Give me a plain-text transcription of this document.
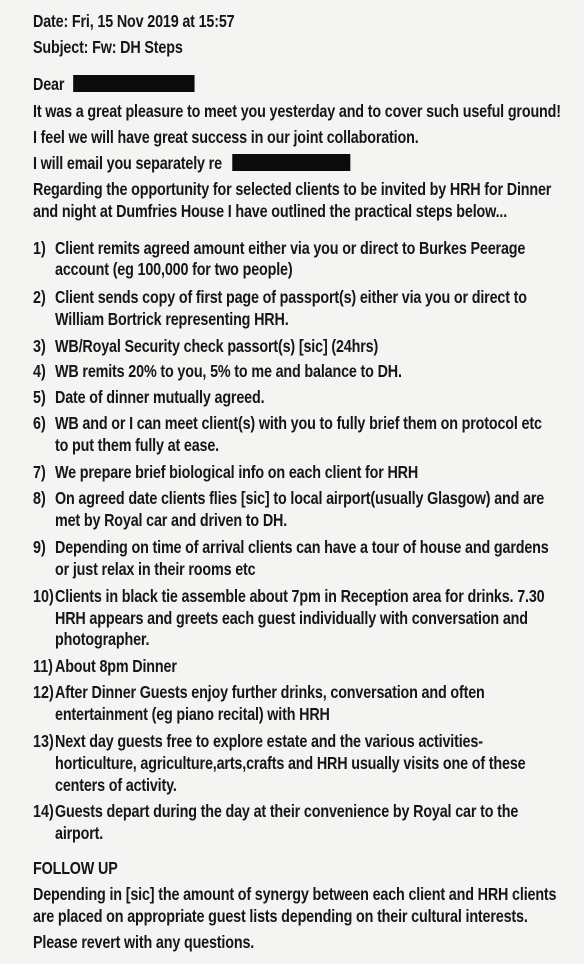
Date: Fri, 15 Nov 2019 at 15:57
Subject: Fw: DH Steps
Dear
It was a great pleasure to meet you yesterday and to cover such useful ground!
I feel we will have great success in our joint collaboration.
I will email you separately re
Regarding the opportunity for selected clients to be invited by HRH for Dinner
and night at Dumfries House I have outlined the practical steps below...
1) Client remits agreed amount either via you or direct to Burkes Peerage
account (eg 100,000 for two people)
2) Client sends copy of first page of passport(s) either via you or direct to
William Bortrick representing HRH.
3) WB/Royal Security check passort(s) [sic] (24hrs)
4) WB remits 20% to you, 5% to me and balance to DH.
5) Date of dinner mutually agreed.
6) WB and or I can meet client(s) with you to fully brief them on protocol etc
to put them fully at ease.
7) We prepare brief biological info on each client for HRH
8) On agreed date clients flies [sic] to local airport(usually Glasgow) and are
met by Royal car and driven to DH.
9) Depending on time of arrival clients can have a tour of house and gardens
or just relax in their rooms etc
10) Clients in black tie assemble about 7pm in Reception area for drinks. 7.30
HRH appears and greets each guest individually with conversation and
photographer.
11) About 8pm Dinner
12) After Dinner Guests enjoy further drinks, conversation and often
entertainment (eg piano recital) with HRH
13) Next day guests free to explore estate and the various activities-
horticulture, agriculture,arts,crafts and HRH usually visits one of these
centers of activity.
14) Guests depart during the day at their convenience by Royal car to the
airport.
FOLLOW UP
Depending in [sic] the amount of synergy between each client and HRH clients
are placed on appropriate guest lists depending on their cultural interests.
Please revert with any questions.
